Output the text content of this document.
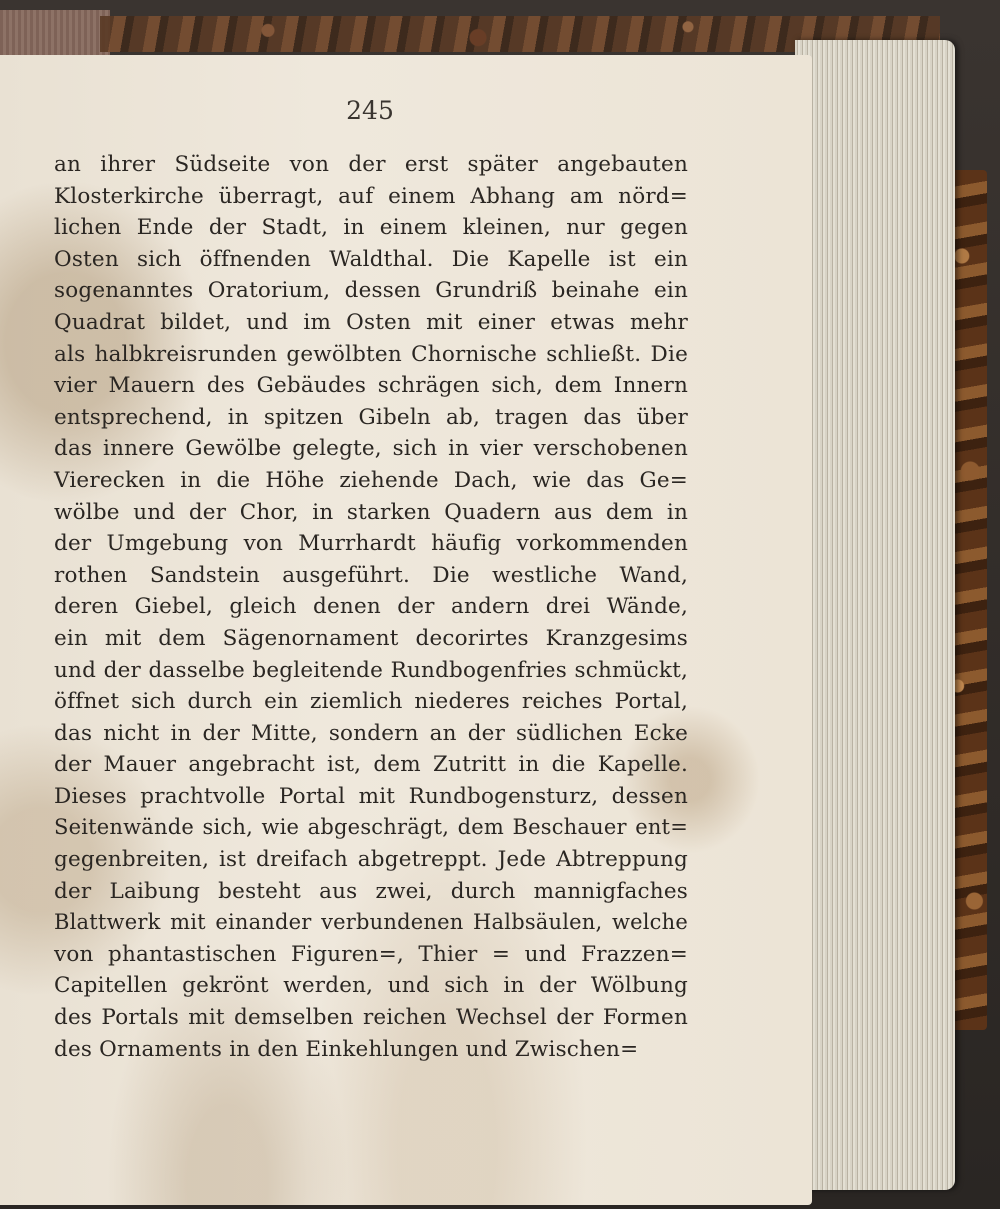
245
an ihrer Südseite von der erst später angebauten
Klosterkirche überragt, auf einem Abhang am nörd=
lichen Ende der Stadt, in einem kleinen, nur gegen
Osten sich öffnenden Waldthal. Die Kapelle ist ein
sogenanntes Oratorium, dessen Grundriß beinahe ein
Quadrat bildet, und im Osten mit einer etwas mehr
als halbkreisrunden gewölbten Chornische schließt. Die
vier Mauern des Gebäudes schrägen sich, dem Innern
entsprechend, in spitzen Gibeln ab, tragen das über
das innere Gewölbe gelegte, sich in vier verschobenen
Vierecken in die Höhe ziehende Dach, wie das Ge=
wölbe und der Chor, in starken Quadern aus dem in
der Umgebung von Murrhardt häufig vorkommenden
rothen Sandstein ausgeführt. Die westliche Wand,
deren Giebel, gleich denen der andern drei Wände,
ein mit dem Sägenornament decorirtes Kranzgesims
und der dasselbe begleitende Rundbogenfries schmückt,
öffnet sich durch ein ziemlich niederes reiches Portal,
das nicht in der Mitte, sondern an der südlichen Ecke
der Mauer angebracht ist, dem Zutritt in die Kapelle.
Dieses prachtvolle Portal mit Rundbogensturz, dessen
Seitenwände sich, wie abgeschrägt, dem Beschauer ent=
gegenbreiten, ist dreifach abgetreppt. Jede Abtreppung
der Laibung besteht aus zwei, durch mannigfaches
Blattwerk mit einander verbundenen Halbsäulen, welche
von phantastischen Figuren=, Thier = und Frazzen=
Capitellen gekrönt werden, und sich in der Wölbung
des Portals mit demselben reichen Wechsel der Formen
des Ornaments in den Einkehlungen und Zwischen=
